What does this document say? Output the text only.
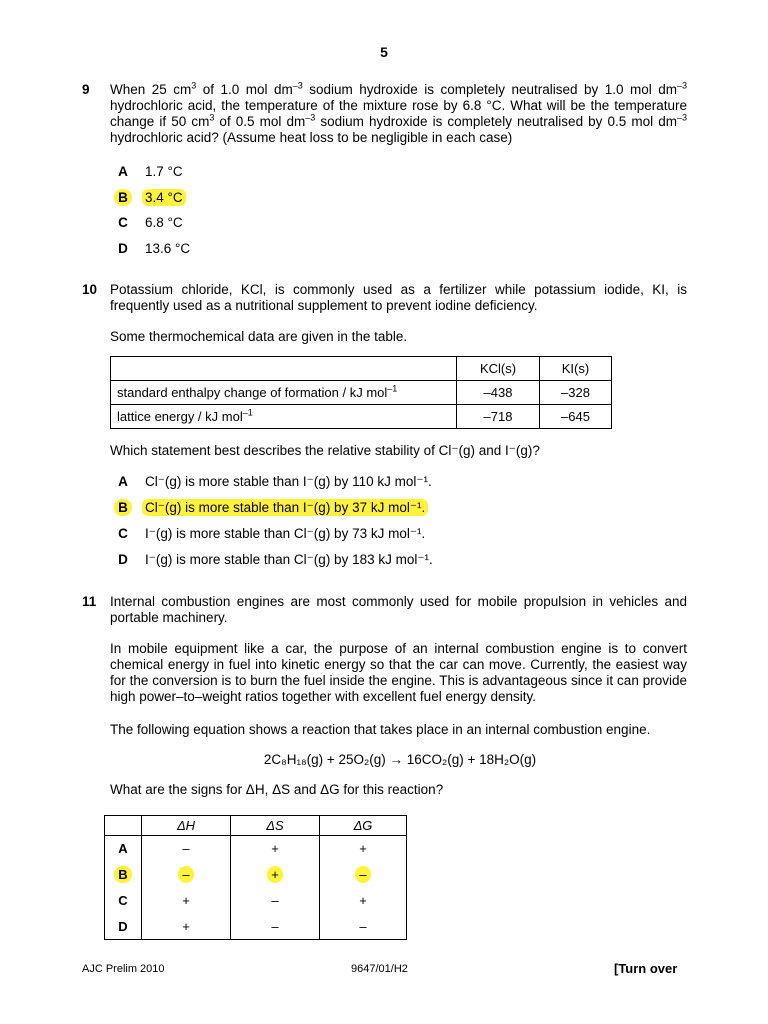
5
9 When 25 $cm^3$ of 1.0 mol $dm^{-3}$ sodium hydroxide is completely neutralised by 1.0 mol $dm^{-3}$ hydrochloric acid, the temperature of the mixture rose by 6.8 °C. What will be the temperature change if 50 $cm^3$ of 0.5 mol $dm^{-3}$ sodium hydroxide is completely neutralised by 0.5 mol $dm^{-3}$ hydrochloric acid? (Assume heat loss to be negligible in each case)
A	1.7 °C
B	3.4 °C
C	6.8 °C
D	13.6 °C
10 Potassium chloride, KCl, is commonly used as a fertilizer while potassium iodide, KI, is frequently used as a nutritional supplement to prevent iodine deficiency.
Some thermochemical data are given in the table.
	KCl(s)	KI(s)
standard enthalpy change of formation / kJ mol$^{-1}$	–438	–328
lattice energy / kJ mol$^{-1}$	–718	–645
Which statement best describes the relative stability of Cl⁻(g) and I⁻(g)?
A	Cl⁻(g) is more stable than I⁻(g) by 110 kJ mol⁻¹.
B	Cl⁻(g) is more stable than I⁻(g) by 37 kJ mol⁻¹.
C	I⁻(g) is more stable than Cl⁻(g) by 73 kJ mol⁻¹.
D	I⁻(g) is more stable than Cl⁻(g) by 183 kJ mol⁻¹.
11 Internal combustion engines are most commonly used for mobile propulsion in vehicles and portable machinery.
In mobile equipment like a car, the purpose of an internal combustion engine is to convert chemical energy in fuel into kinetic energy so that the car can move. Currently, the easiest way for the conversion is to burn the fuel inside the engine. This is advantageous since it can provide high power–to–weight ratios together with excellent fuel energy density.
The following equation shows a reaction that takes place in an internal combustion engine.
2C₈H₁₈(g) + 25O₂(g) → 16CO₂(g) + 18H₂O(g)
What are the signs for ΔH, ΔS and ΔG for this reaction?
	ΔH	ΔS	ΔG
A	–	+	+
B	–	+	–
C	+	–	+
D	+	–	–
AJC Prelim 2010	9647/01/H2	[Turn over
